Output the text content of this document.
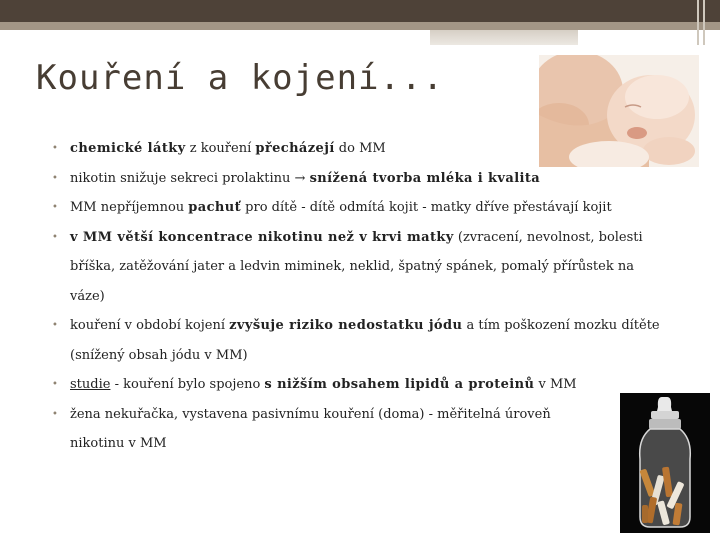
Kouření a kojení...
• chemické látky z kouření přecházejí do MM
• nikotin snižuje sekreci prolaktinu → snížená tvorba mléka i kvalita
• MM nepříjemnou pachuť pro dítě - dítě odmítá kojit - matky dříve přestávají kojit
• v MM větší koncentrace nikotinu než v krvi matky (zvracení, nevolnost, bolesti bříška, zatěžování jater a ledvin miminek, neklid, špatný spánek, pomalý přírůstek na váze)
• kouření v období kojení zvyšuje riziko nedostatku jódu a tím poškození mozku dítěte (snížený obsah jódu v MM)
• studie - kouření bylo spojeno s nižším obsahem lipidů a proteinů v MM
• žena nekuřačka, vystavena pasivnímu kouření (doma) - měřitelná úroveň nikotinu v MM
